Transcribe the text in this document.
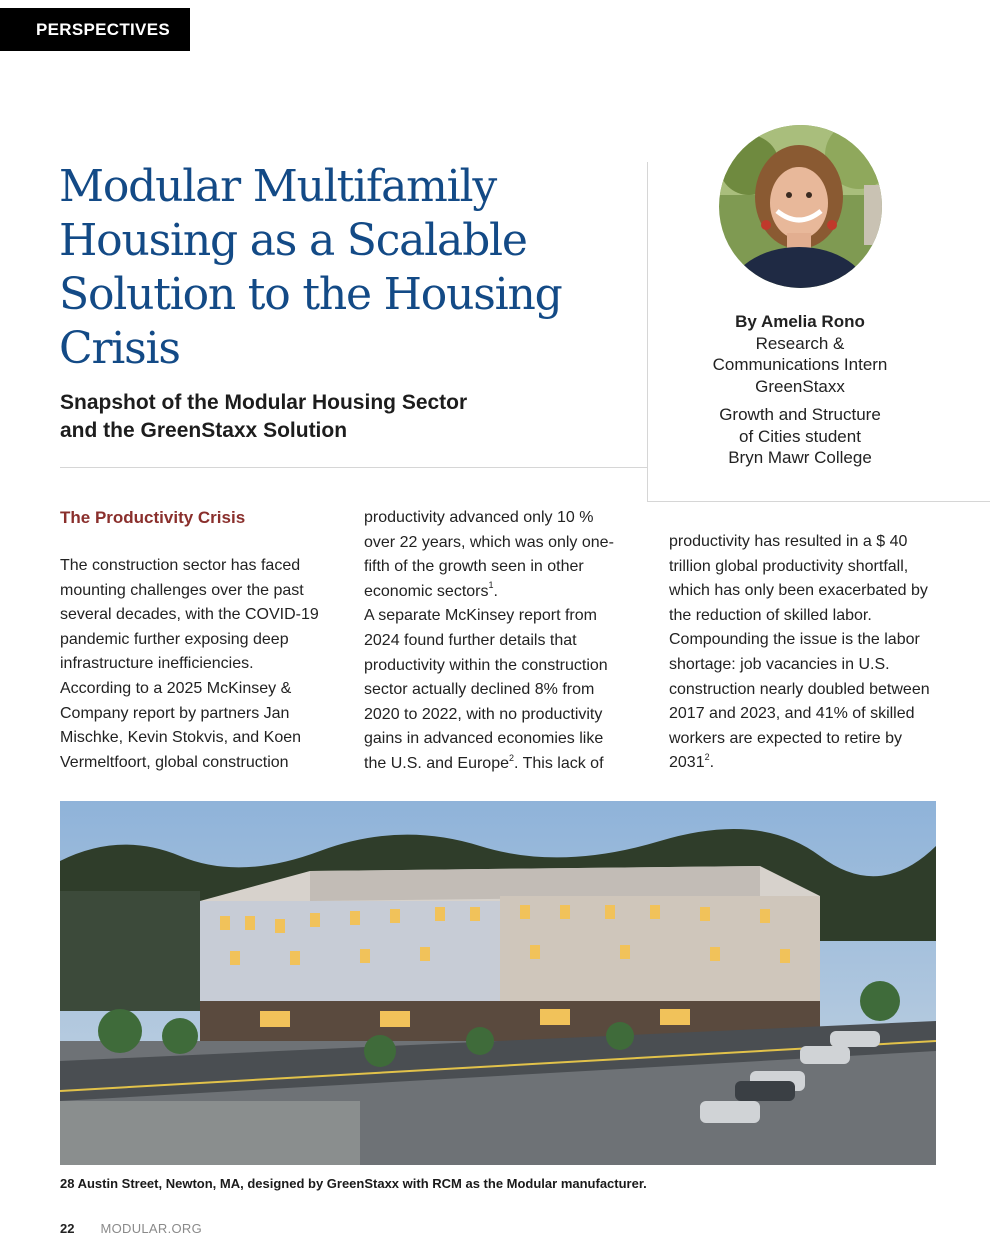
PERSPECTIVES
Modular Multifamily Housing as a Scalable Solution to the Housing Crisis
Snapshot of the Modular Housing Sector and the GreenStaxx Solution
By Amelia Rono
Research &
Communications Intern
GreenStaxx
Growth and Structure
of Cities student
Bryn Mawr College
The Productivity Crisis

The construction sector has faced mounting challenges over the past several decades, with the COVID-19 pandemic further exposing deep infrastructure inefficiencies. According to a 2025 McKinsey & Company report by partners Jan Mischke, Kevin Stokvis, and Koen Vermeltfoort, global construction

productivity advanced only 10 % over 22 years, which was only one-fifth of the growth seen in other economic sectors$^1$.

A separate McKinsey report from 2024 found further details that productivity within the construction sector actually declined 8% from 2020 to 2022, with no productivity gains in advanced economies like the U.S. and Europe$^2$. This lack of

productivity has resulted in a $ 40 trillion global productivity shortfall, which has only been exacerbated by the reduction of skilled labor. Compounding the issue is the labor shortage: job vacancies in U.S. construction nearly doubled between 2017 and 2023, and 41% of skilled workers are expected to retire by 2031$^2$.

28 Austin Street, Newton, MA, designed by GreenStaxx with RCM as the Modular manufacturer.
22 MODULAR.ORG
